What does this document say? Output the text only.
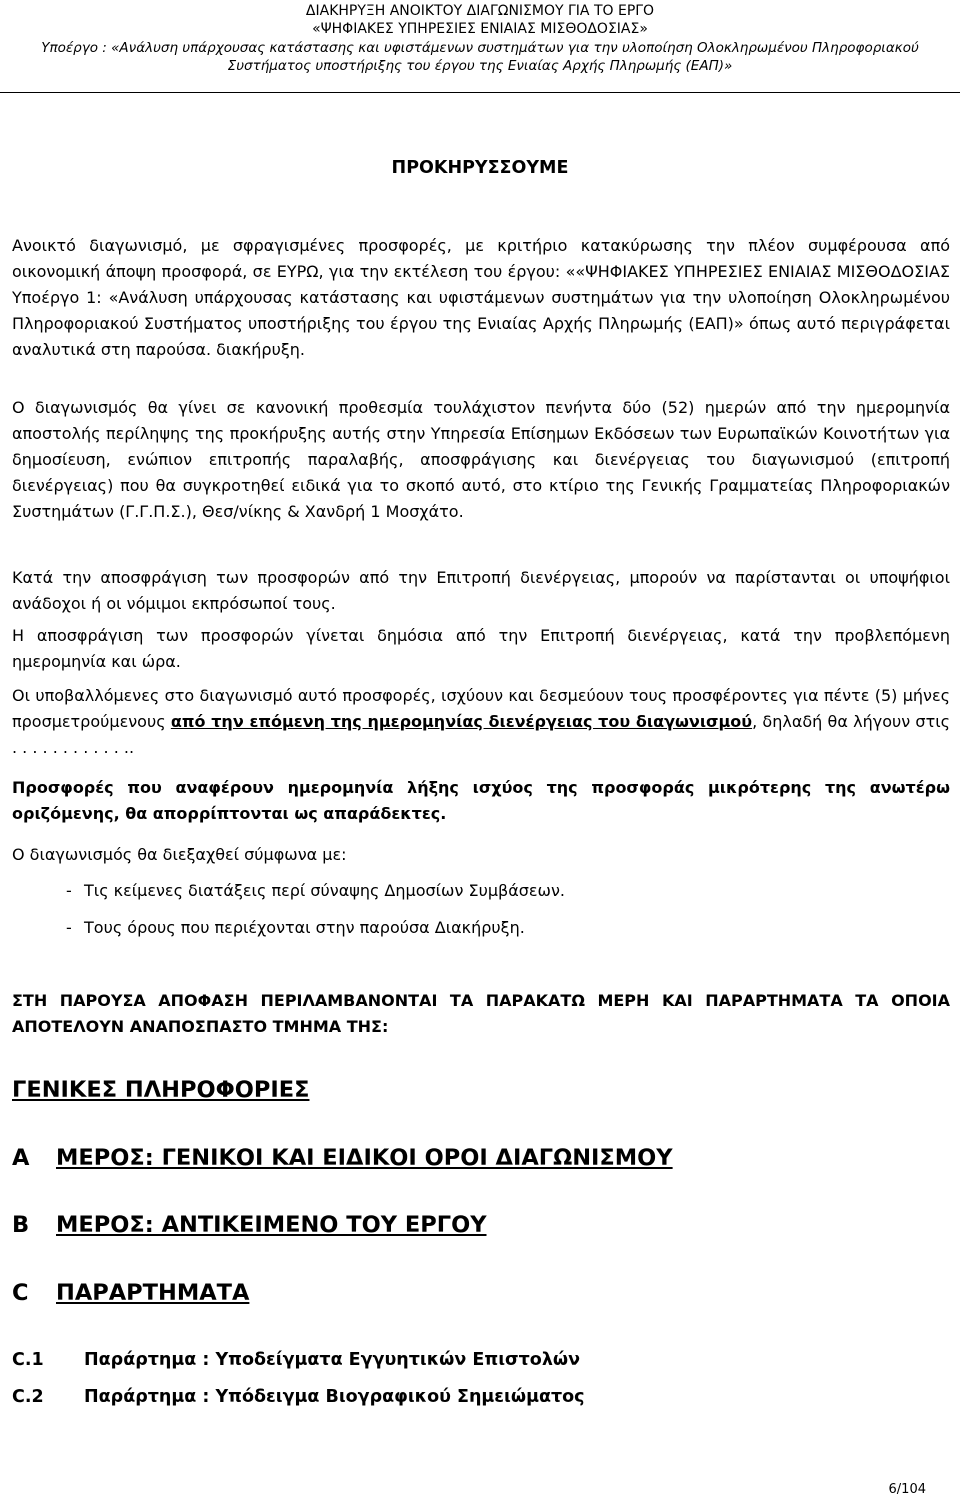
ΔΙΑΚΗΡΥΞΗ ΑΝΟΙΚΤΟΥ ΔΙΑΓΩΝΙΣΜΟΥ ΓΙΑ ΤΟ ΕΡΓΟ
«ΨΗΦΙΑΚΕΣ ΥΠΗΡΕΣΙΕΣ ΕΝΙΑΙΑΣ ΜΙΣΘΟΔΟΣΙΑΣ»
Υποέργο : «Ανάλυση υπάρχουσας κατάστασης και υφιστάμενων συστημάτων για την υλοποίηση Ολοκληρωμένου Πληροφοριακού
Συστήματος υποστήριξης του έργου της Ενιαίας Αρχής Πληρωμής (ΕΑΠ)»
ΠΡΟΚΗΡΥΣΣΟΥΜΕ
Ανοικτό διαγωνισμό, με σφραγισμένες προσφορές, με κριτήριο κατακύρωσης την πλέον συμφέρουσα από οικονομική άποψη προσφορά, σε ΕΥΡΩ, για την εκτέλεση του έργου: ««ΨΗΦΙΑΚΕΣ ΥΠΗΡΕΣΙΕΣ ΕΝΙΑΙΑΣ ΜΙΣΘΟΔΟΣΙΑΣ Υποέργο 1: «Ανάλυση υπάρχουσας κατάστασης και υφιστάμενων συστημάτων για την υλοποίηση Ολοκληρωμένου Πληροφοριακού Συστήματος υποστήριξης του έργου της Ενιαίας Αρχής Πληρωμής (ΕΑΠ)» όπως αυτό περιγράφεται αναλυτικά στη παρούσα. διακήρυξη.
Ο διαγωνισμός θα γίνει σε κανονική προθεσμία τουλάχιστον πενήντα δύο (52) ημερών από την ημερομηνία αποστολής περίληψης της προκήρυξης αυτής στην Υπηρεσία Επίσημων Εκδόσεων των Ευρωπαϊκών Κοινοτήτων για δημοσίευση, ενώπιον επιτροπής παραλαβής, αποσφράγισης και διενέργειας του διαγωνισμού (επιτροπή διενέργειας) που θα συγκροτηθεί ειδικά για το σκοπό αυτό, στο κτίριο της Γενικής Γραμματείας Πληροφοριακών Συστημάτων (Γ.Γ.Π.Σ.), Θεσ/νίκης & Χανδρή 1 Μοσχάτο.
Κατά την αποσφράγιση των προσφορών από την Επιτροπή διενέργειας, μπορούν να παρίστανται οι υποψήφιοι ανάδοχοι ή οι νόμιμοι εκπρόσωποί τους.
Η αποσφράγιση των προσφορών γίνεται δημόσια από την Επιτροπή διενέργειας, κατά την προβλεπόμενη ημερομηνία και ώρα.
Οι υποβαλλόμενες στο διαγωνισμό αυτό προσφορές, ισχύουν και δεσμεύουν τους προσφέροντες για πέντε (5) μήνες προσμετρούμενους από την επόμενη της ημερομηνίας διενέργειας του διαγωνισμού, δηλαδή θα λήγουν στις . . . . . . . . . . . ..
Προσφορές που αναφέρουν ημερομηνία λήξης ισχύος της προσφοράς μικρότερης της ανωτέρω οριζόμενης, θα απορρίπτονται ως απαράδεκτες.
Ο διαγωνισμός θα διεξαχθεί σύμφωνα με:
- Τις κείμενες διατάξεις περί σύναψης Δημοσίων Συμβάσεων.
- Τους όρους που περιέχονται στην παρούσα Διακήρυξη.
ΣΤΗ ΠΑΡΟΥΣΑ ΑΠΟΦΑΣΗ ΠΕΡΙΛΑΜΒΑΝΟΝΤΑΙ ΤΑ ΠΑΡΑΚΑΤΩ ΜΕΡΗ ΚΑΙ ΠΑΡΑΡΤΗΜΑΤΑ ΤΑ ΟΠΟΙΑ ΑΠΟΤΕΛΟΥΝ ΑΝΑΠΟΣΠΑΣΤΟ ΤΜΗΜΑ ΤΗΣ:
ΓΕΝΙΚΕΣ ΠΛΗΡΟΦΟΡΙΕΣ
A ΜΕΡΟΣ: ΓΕΝΙΚΟΙ ΚΑΙ ΕΙΔΙΚΟΙ ΟΡΟΙ ΔΙΑΓΩΝΙΣΜΟΥ
B ΜΕΡΟΣ: ΑΝΤΙΚΕΙΜΕΝΟ ΤΟΥ ΕΡΓΟΥ
C ΠΑΡΑΡΤΗΜΑΤΑ
C.1 Παράρτημα : Υποδείγματα Εγγυητικών Επιστολών
C.2 Παράρτημα : Υπόδειγμα Βιογραφικού Σημειώματος
6/104
